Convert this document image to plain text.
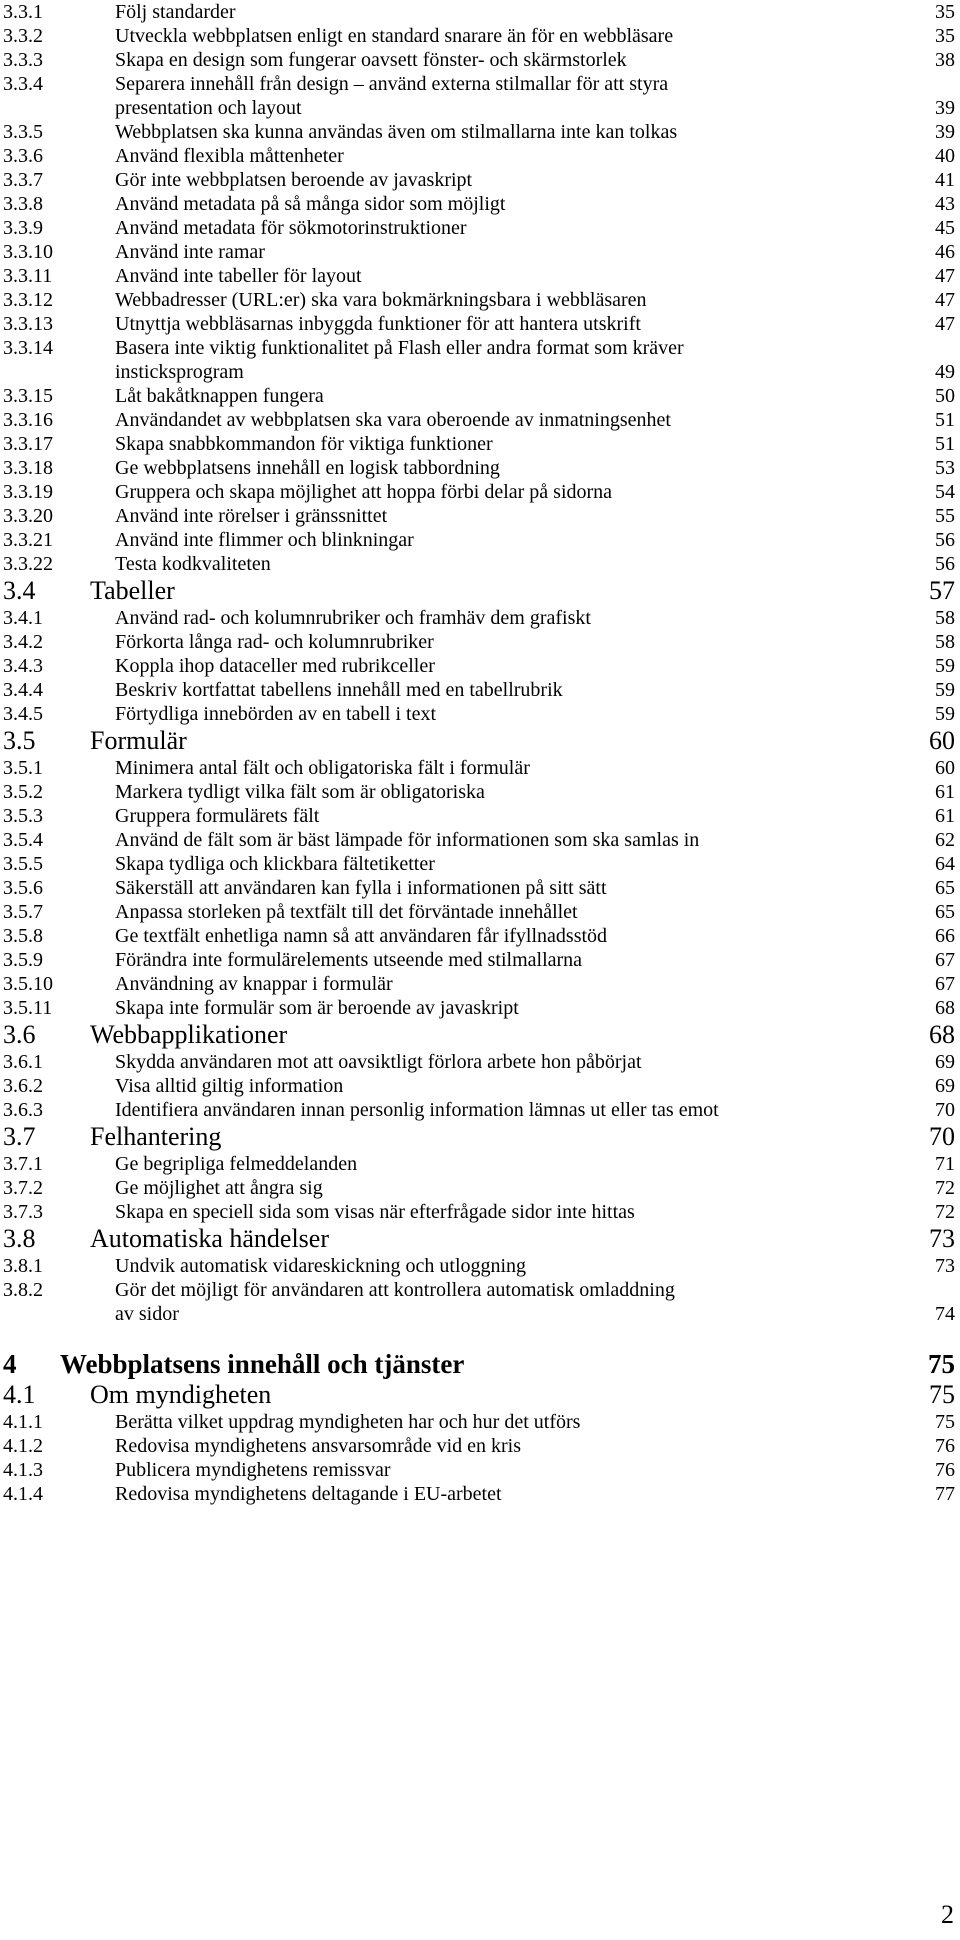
3.3.1	Följ standarder	35
3.3.2	Utveckla webbplatsen enligt en standard snarare än för en webbläsare	35
3.3.3	Skapa en design som fungerar oavsett fönster- och skärmstorlek	38
3.3.4	Separera innehåll från design – använd externa stilmallar för att styra
presentation och layout	39
3.3.5	Webbplatsen ska kunna användas även om stilmallarna inte kan tolkas	39
3.3.6	Använd flexibla måttenheter	40
3.3.7	Gör inte webbplatsen beroende av javaskript	41
3.3.8	Använd metadata på så många sidor som möjligt	43
3.3.9	Använd metadata för sökmotorinstruktioner	45
3.3.10	Använd inte ramar	46
3.3.11	Använd inte tabeller för layout	47
3.3.12	Webbadresser (URL:er) ska vara bokmärkningsbara i webbläsaren	47
3.3.13	Utnyttja webbläsarnas inbyggda funktioner för att hantera utskrift	47
3.3.14	Basera inte viktig funktionalitet på Flash eller andra format som kräver
insticksprogram	49
3.3.15	Låt bakåtknappen fungera	50
3.3.16	Användandet av webbplatsen ska vara oberoende av inmatningsenhet	51
3.3.17	Skapa snabbkommandon för viktiga funktioner	51
3.3.18	Ge webbplatsens innehåll en logisk tabbordning	53
3.3.19	Gruppera och skapa möjlighet att hoppa förbi delar på sidorna	54
3.3.20	Använd inte rörelser i gränssnittet	55
3.3.21	Använd inte flimmer och blinkningar	56
3.3.22	Testa kodkvaliteten	56
3.4 Tabeller	57
3.4.1	Använd rad- och kolumnrubriker och framhäv dem grafiskt	58
3.4.2	Förkorta långa rad- och kolumnrubriker	58
3.4.3	Koppla ihop dataceller med rubrikceller	59
3.4.4	Beskriv kortfattat tabellens innehåll med en tabellrubrik	59
3.4.5	Förtydliga innebörden av en tabell i text	59
3.5 Formulär	60
3.5.1	Minimera antal fält och obligatoriska fält i formulär	60
3.5.2	Markera tydligt vilka fält som är obligatoriska	61
3.5.3	Gruppera formulärets fält	61
3.5.4	Använd de fält som är bäst lämpade för informationen som ska samlas in	62
3.5.5	Skapa tydliga och klickbara fältetiketter	64
3.5.6	Säkerställ att användaren kan fylla i informationen på sitt sätt	65
3.5.7	Anpassa storleken på textfält till det förväntade innehållet	65
3.5.8	Ge textfält enhetliga namn så att användaren får ifyllnadsstöd	66
3.5.9	Förändra inte formulärelements utseende med stilmallarna	67
3.5.10	Användning av knappar i formulär	67
3.5.11	Skapa inte formulär som är beroende av javaskript	68
3.6 Webbapplikationer	68
3.6.1	Skydda användaren mot att oavsiktligt förlora arbete hon påbörjat	69
3.6.2	Visa alltid giltig information	69
3.6.3	Identifiera användaren innan personlig information lämnas ut eller tas emot	70
3.7 Felhantering	70
3.7.1	Ge begripliga felmeddelanden	71
3.7.2	Ge möjlighet att ångra sig	72
3.7.3	Skapa en speciell sida som visas när efterfrågade sidor inte hittas	72
3.8 Automatiska händelser	73
3.8.1	Undvik automatisk vidareskickning och utloggning	73
3.8.2	Gör det möjligt för användaren att kontrollera automatisk omladdning
av sidor	74
4 Webbplatsens innehåll och tjänster	75
4.1 Om myndigheten	75
4.1.1	Berätta vilket uppdrag myndigheten har och hur det utförs	75
4.1.2	Redovisa myndighetens ansvarsområde vid en kris	76
4.1.3	Publicera myndighetens remissvar	76
4.1.4	Redovisa myndighetens deltagande i EU-arbetet	77
2
